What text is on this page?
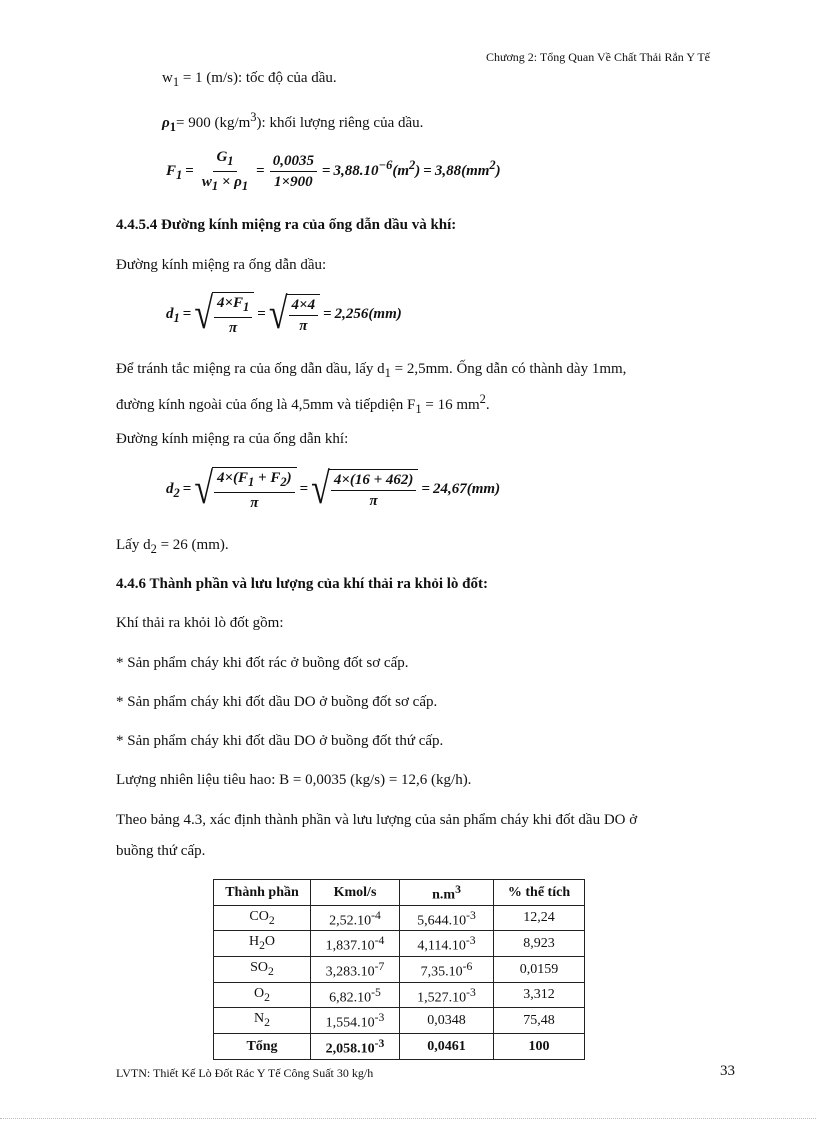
Chương 2: Tổng Quan Về Chất Thải Rắn Y Tế
$w_1 = 1$ (m/s): tốc độ của dầu.
$\rho_1= 900$ $(kg/m^3)$: khối lượng riêng của dầu.
$F_1 = \frac{G_1}{w_1 \times \rho_1} = \frac{0,0035}{1\times 900} = 3,88.10^{-6}(m^2) = 3,88(mm^2)$
4.4.5.4 Đường kính miệng ra của ống dẫn dầu và khí:
Đường kính miệng ra ống dẫn dầu:
$d_1$ = √ $\frac{4\times F_1}{\pi}$ = √ $\frac{4\times 4}{\pi} = 2,256(mm)$
Để tránh tắc miệng ra của ống dẫn dầu, lấy $d_1 = 2,5mm$. Ống dẫn có thành dày 1mm,
đường kính ngoài của ống là 4,5mm và tiếpdiện $F_1 = 16$ $mm^2$.
Đường kính miệng ra của ống dẫn khí:
$d_2$ = √ $\frac{4\times(F_1 + F_2)}{\pi}$ = √ $\frac{4\times(16 + 462)}{\pi} = 24,67(mm)$
Lấy $d_2 = 26$ (mm).
4.4.6 Thành phần và lưu lượng của khí thải ra khỏi lò đốt:
Khí thải ra khỏi lò đốt gồm:
* Sản phẩm cháy khi đốt rác ở buồng đốt sơ cấp.
* Sản phẩm cháy khi đốt dầu DO ở buồng đốt sơ cấp.
* Sản phẩm cháy khi đốt dầu DO ở buồng đốt thứ cấp.
Lượng nhiên liệu tiêu hao: B = 0,0035 (kg/s) = 12,6 (kg/h).
Theo bảng 4.3, xác định thành phần và lưu lượng của sản phẩm cháy khi đốt dầu DO ở
buồng thứ cấp.
Thành phần	Kmol/s	$n.m^3$	% thể tích
$CO_2$	$2,52.10^{-4}$	$5,644.10^{-3}$	12,24
$H_2O$	$1,837.10^{-4}$	$4,114.10^{-3}$	8,923
$SO_2$	$3,283.10^{-7}$	$7,35.10^{-6}$	0,0159
$O_2$	$6,82.10^{-5}$	$1,527.10^{-3}$	3,312
$N_2$	$1,554.10^{-3}$	0,0348	75,48
Tổng	$2,058.10^{-3}$	0,0461	100
LVTN: Thiết Kế Lò Đốt Rác Y Tế Công Suất 30 kg/h	33
